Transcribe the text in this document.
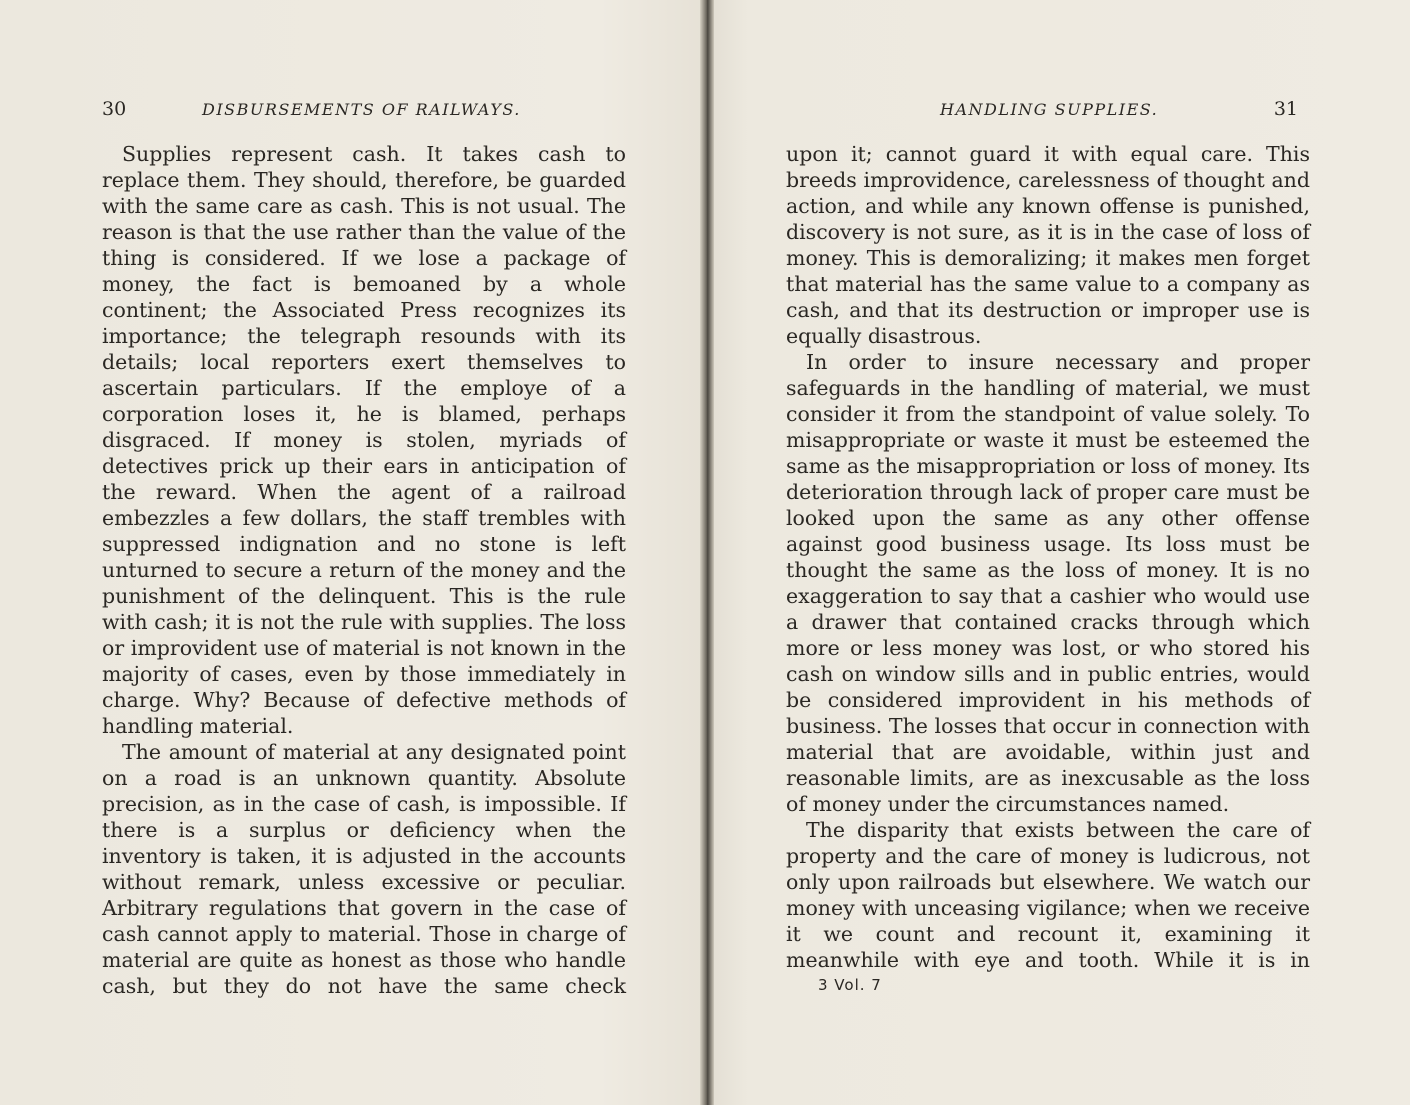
30	DISBURSEMENTS OF RAILWAYS.

Supplies represent cash. It takes cash to replace them. They should, therefore, be guarded with the same care as cash. This is not usual. The reason is that the use rather than the value of the thing is considered. If we lose a package of money, the fact is bemoaned by a whole continent; the Associated Press recognizes its importance; the telegraph resounds with its details; local reporters exert themselves to ascertain particulars. If the employe of a corporation loses it, he is blamed, perhaps disgraced. If money is stolen, myriads of detectives prick up their ears in anticipation of the reward. When the agent of a railroad embezzles a few dollars, the staff trembles with suppressed indignation and no stone is left unturned to secure a return of the money and the punishment of the delinquent. This is the rule with cash; it is not the rule with supplies. The loss or improvident use of material is not known in the majority of cases, even by those immediately in charge. Why? Because of defective methods of handling material.

The amount of material at any designated point on a road is an unknown quantity. Absolute precision, as in the case of cash, is impossible. If there is a surplus or deficiency when the inventory is taken, it is adjusted in the accounts without remark, unless excessive or peculiar. Arbitrary regulations that govern in the case of cash cannot apply to material. Those in charge of material are quite as honest as those who handle cash, but they do not have the same check

HANDLING SUPPLIES.	31

upon it; cannot guard it with equal care. This breeds improvidence, carelessness of thought and action, and while any known offense is punished, discovery is not sure, as it is in the case of loss of money. This is demoralizing; it makes men forget that material has the same value to a company as cash, and that its destruction or improper use is equally disastrous.

In order to insure necessary and proper safeguards in the handling of material, we must consider it from the standpoint of value solely. To misappropriate or waste it must be esteemed the same as the misappropriation or loss of money. Its deterioration through lack of proper care must be looked upon the same as any other offense against good business usage. Its loss must be thought the same as the loss of money. It is no exaggeration to say that a cashier who would use a drawer that contained cracks through which more or less money was lost, or who stored his cash on window sills and in public entries, would be considered improvident in his methods of business. The losses that occur in connection with material that are avoidable, within just and reasonable limits, are as inexcusable as the loss of money under the circumstances named.

The disparity that exists between the care of property and the care of money is ludicrous, not only upon railroads but elsewhere. We watch our money with unceasing vigilance; when we receive it we count and recount it, examining it meanwhile with eye and tooth. While it is in

3 Vol. 7
